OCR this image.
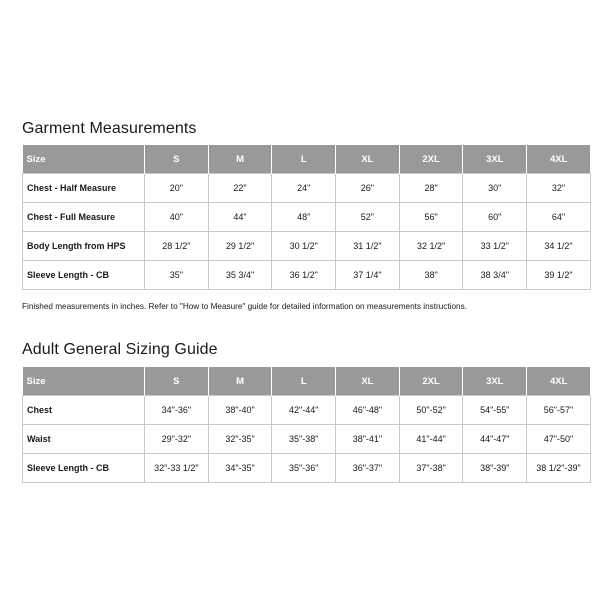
Garment Measurements
Size	S	M	L	XL	2XL	3XL	4XL
Chest - Half Measure	20"	22"	24"	26"	28"	30"	32"
Chest - Full Measure	40"	44"	48"	52"	56"	60"	64"
Body Length from HPS	28 1/2"	29 1/2"	30 1/2"	31 1/2"	32 1/2"	33 1/2"	34 1/2"
Sleeve Length - CB	35"	35 3/4"	36 1/2"	37 1/4"	38"	38 3/4"	39 1/2"

Finished measurements in inches. Refer to "How to Measure" guide for detailed information on measurements instructions.

Adult General Sizing Guide
Size	S	M	L	XL	2XL	3XL	4XL
Chest	34"-36"	38"-40"	42"-44"	46"-48"	50"-52"	54"-55"	56"-57"
Waist	29"-32"	32"-35"	35"-38"	38"-41"	41"-44"	44"-47"	47"-50"
Sleeve Length - CB	32"-33 1/2"	34"-35"	35"-36"	36"-37"	37"-38"	38"-39"	38 1/2"-39"
